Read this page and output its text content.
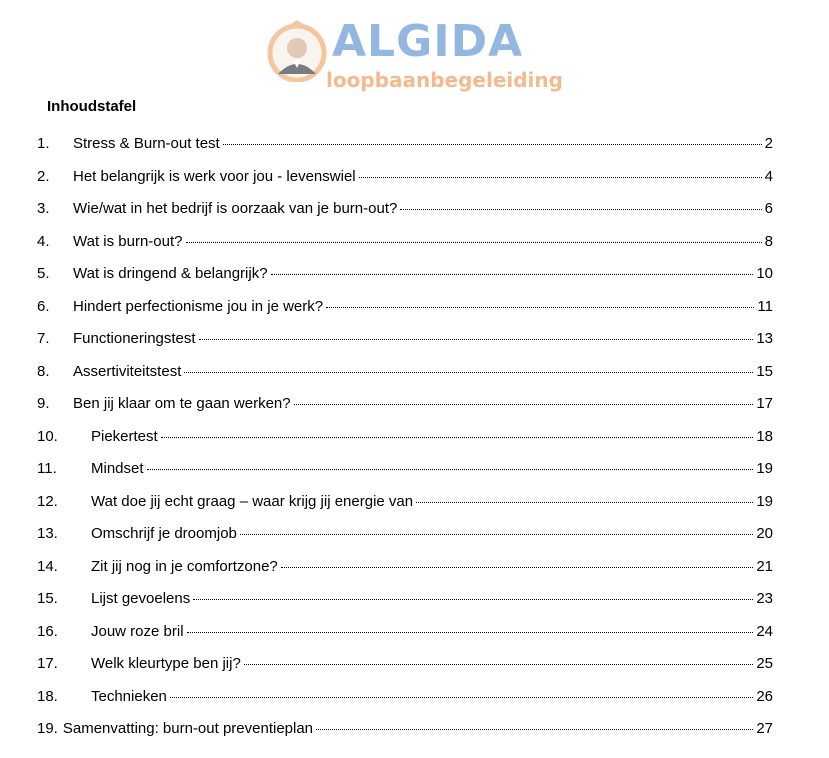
ALGIDA
loopbaanbegeleiding
Inhoudstafel
1.	Stress & Burn-out test	2
2.	Het belangrijk is werk voor jou - levenswiel	4
3.	Wie/wat in het bedrijf is oorzaak van je burn-out?	6
4.	Wat is burn-out?	8
5.	Wat is dringend & belangrijk?	10
6.	Hindert perfectionisme jou in je werk?	11
7.	Functioneringstest	13
8.	Assertiviteitstest	15
9.	Ben jij klaar om te gaan werken?	17
10.	Piekertest	18
11.	Mindset	19
12.	Wat doe jij echt graag – waar krijg jij energie van	19
13.	Omschrijf je droomjob	20
14.	Zit jij nog in je comfortzone?	21
15.	Lijst gevoelens	23
16.	Jouw roze bril	24
17.	Welk kleurtype ben jij?	25
18.	Technieken	26
19. Samenvatting: burn-out preventieplan	27
